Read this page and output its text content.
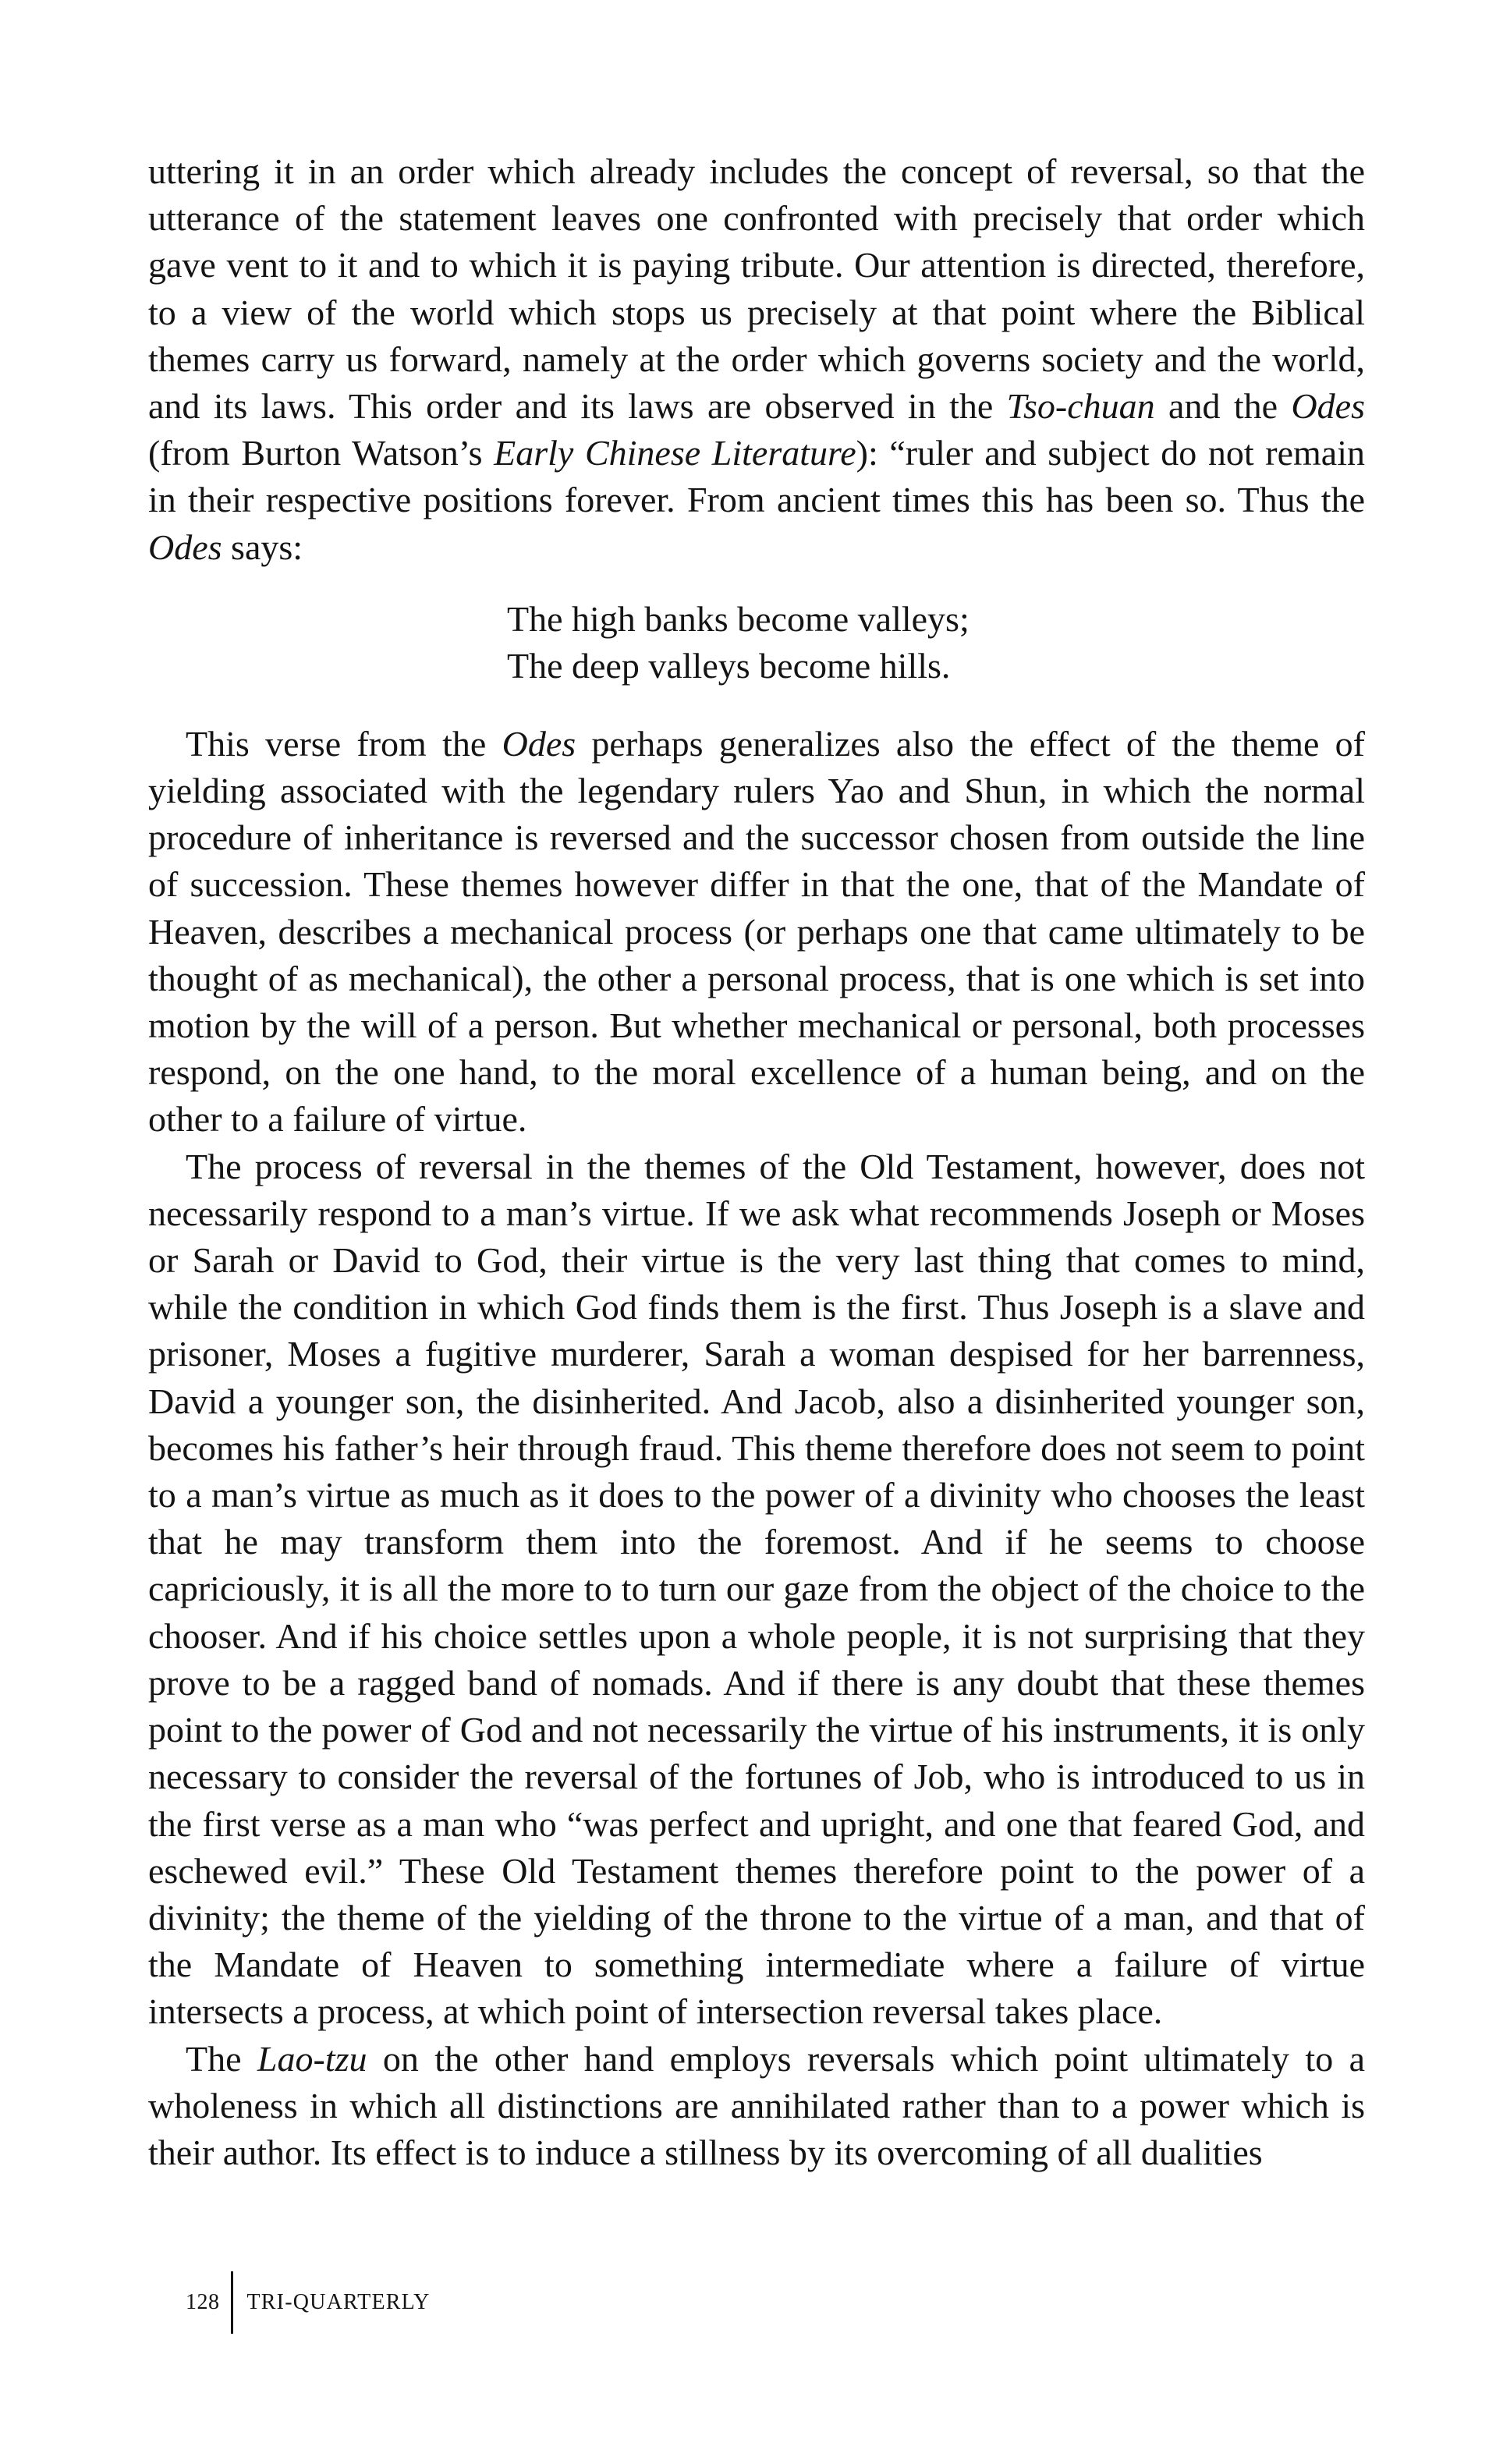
uttering it in an order which already includes the concept of reversal, so that the utterance of the statement leaves one confronted with precisely that order which gave vent to it and to which it is paying tribute. Our attention is directed, therefore, to a view of the world which stops us precisely at that point where the Biblical themes carry us forward, namely at the order which governs society and the world, and its laws. This order and its laws are observed in the Tso-chuan and the Odes (from Burton Watson’s Early Chinese Literature): “ruler and subject do not remain in their respective positions forever. From ancient times this has been so. Thus the Odes says:

The high banks become valleys;
The deep valleys become hills.

This verse from the Odes perhaps generalizes also the effect of the theme of yielding associated with the legendary rulers Yao and Shun, in which the normal procedure of inheritance is reversed and the successor chosen from outside the line of succession. These themes however differ in that the one, that of the Mandate of Heaven, describes a mechanical process (or perhaps one that came ultimately to be thought of as mechanical), the other a personal process, that is one which is set into motion by the will of a person. But whether mechanical or personal, both processes respond, on the one hand, to the moral excellence of a human being, and on the other to a failure of virtue.

The process of reversal in the themes of the Old Testament, however, does not necessarily respond to a man’s virtue. If we ask what recommends Joseph or Moses or Sarah or David to God, their virtue is the very last thing that comes to mind, while the condition in which God finds them is the first. Thus Joseph is a slave and prisoner, Moses a fugitive murderer, Sarah a woman despised for her barrenness, David a younger son, the disinherited. And Jacob, also a disinherited younger son, becomes his father’s heir through fraud. This theme therefore does not seem to point to a man’s virtue as much as it does to the power of a divinity who chooses the least that he may transform them into the foremost. And if he seems to choose capriciously, it is all the more to to turn our gaze from the object of the choice to the chooser. And if his choice settles upon a whole people, it is not surprising that they prove to be a ragged band of nomads. And if there is any doubt that these themes point to the power of God and not necessarily the virtue of his instruments, it is only necessary to consider the reversal of the fortunes of Job, who is introduced to us in the first verse as a man who “was perfect and upright, and one that feared God, and eschewed evil.” These Old Testament themes therefore point to the power of a divinity; the theme of the yielding of the throne to the virtue of a man, and that of the Mandate of Heaven to something intermediate where a failure of virtue intersects a process, at which point of intersection reversal takes place.

The Lao-tzu on the other hand employs reversals which point ultimately to a wholeness in which all distinctions are annihilated rather than to a power which is their author. Its effect is to induce a stillness by its overcoming of all dualities

128 TRI-QUARTERLY
